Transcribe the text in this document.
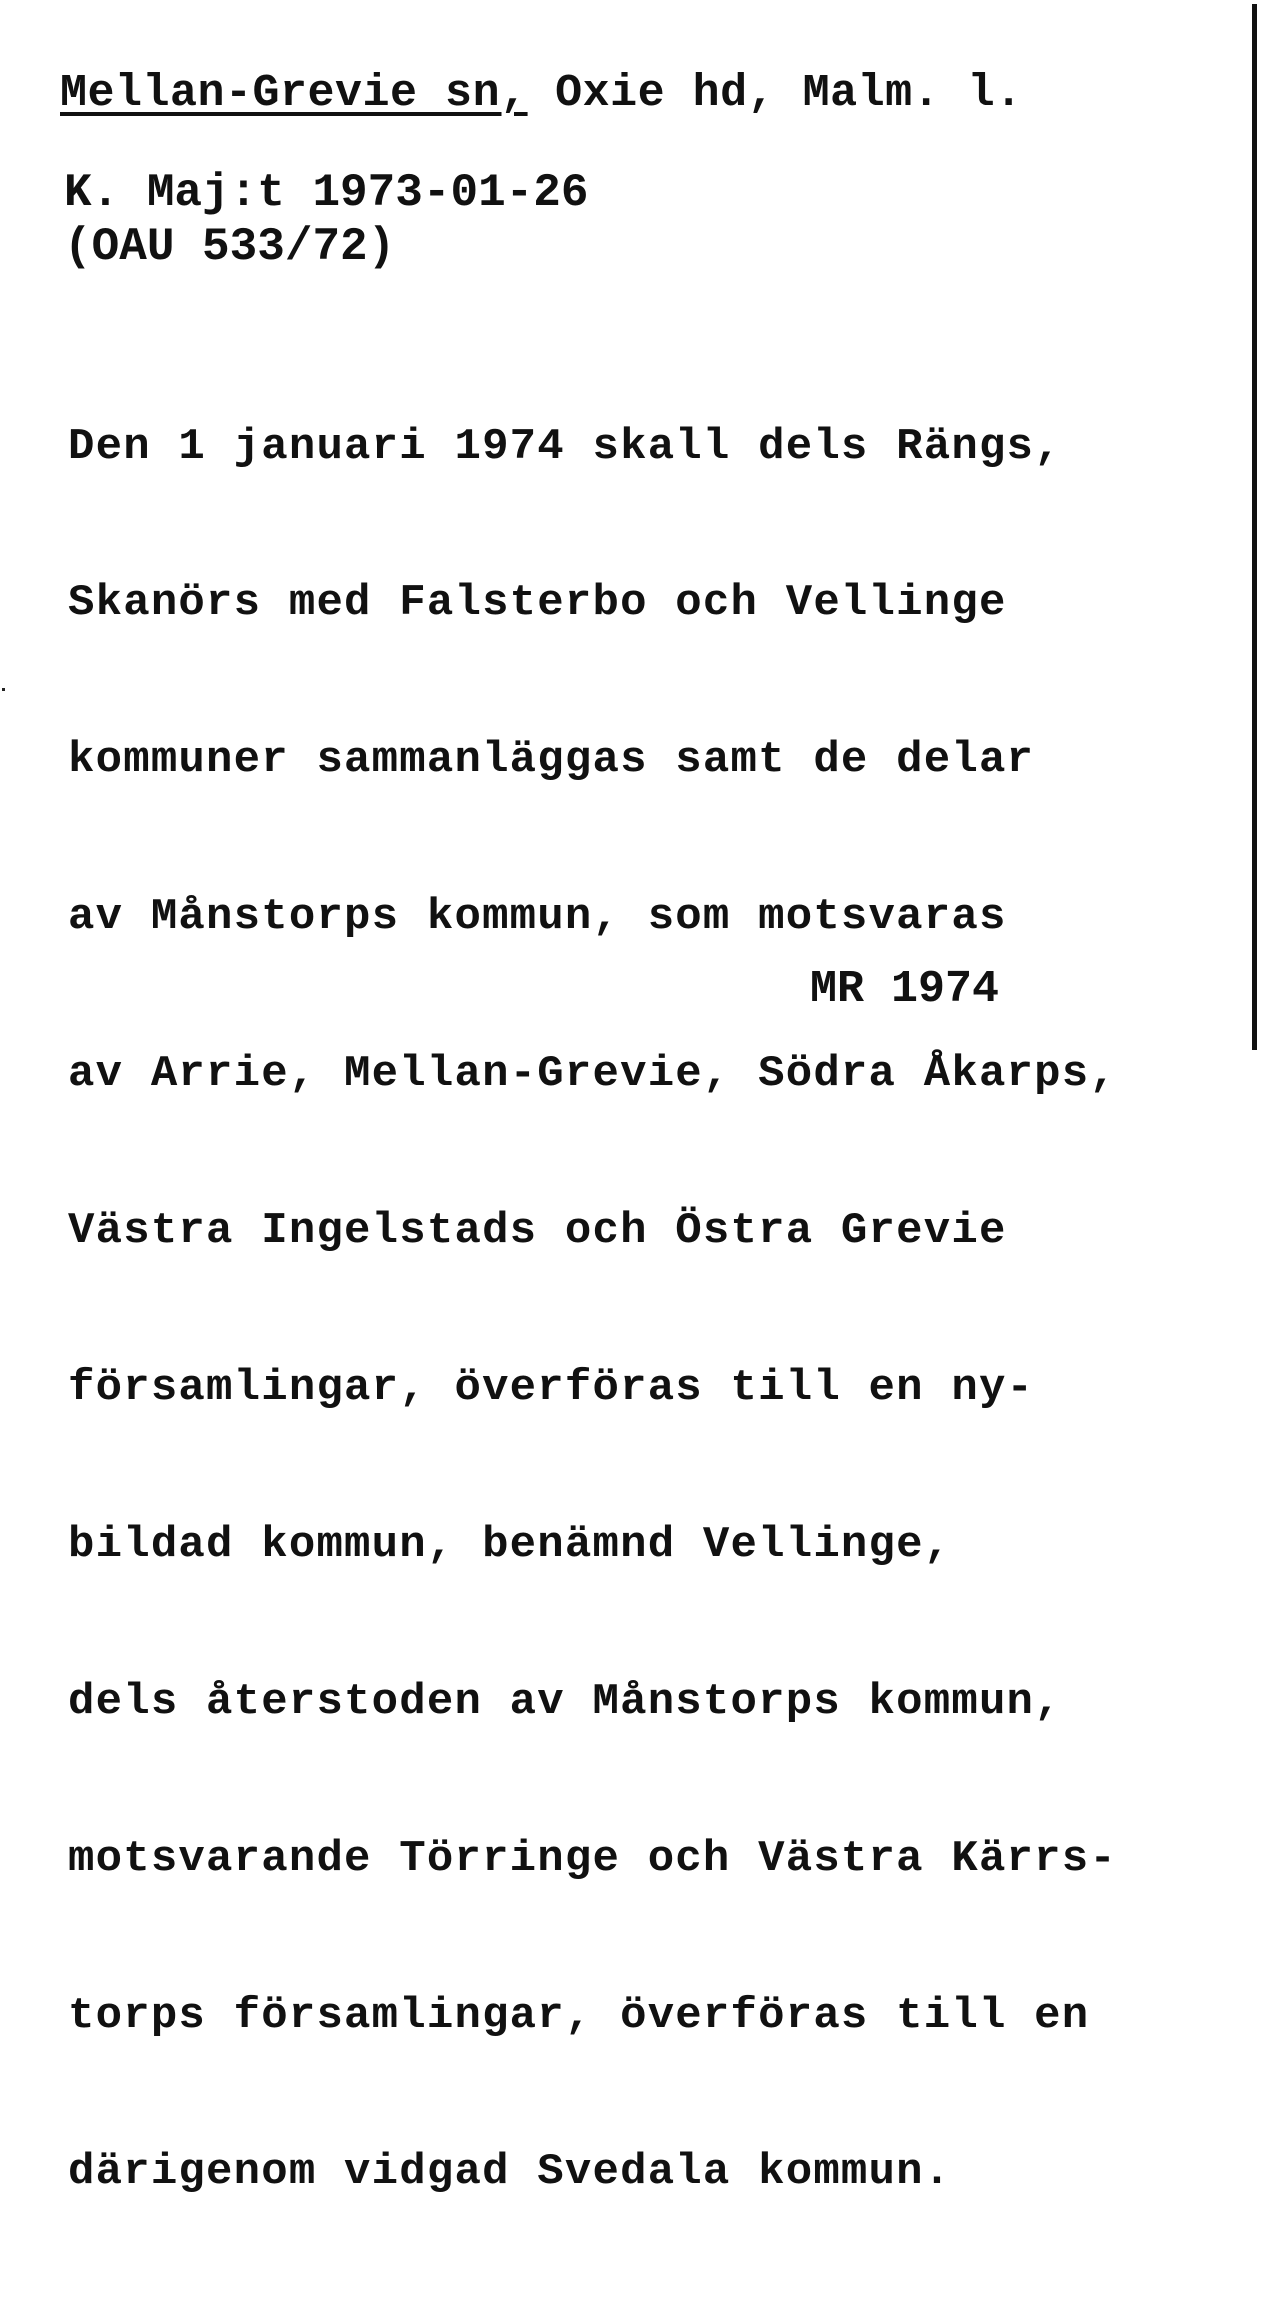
Mellan-Grevie sn, Oxie hd, Malm. l.
K. Maj:t 1973-01-26
(OAU 533/72)

Den 1 januari 1974 skall dels Rängs,

Skanörs med Falsterbo och Vellinge

kommuner sammanläggas samt de delar

av Månstorps kommun, som motsvaras

av Arrie, Mellan-Grevie, Södra Åkarps,

Västra Ingelstads och Östra Grevie

församlingar, överföras till en ny-

bildad kommun, benämnd Vellinge,

dels återstoden av Månstorps kommun,

motsvarande Törringe och Västra Kärrs-

torps församlingar, överföras till en

därigenom vidgad Svedala kommun.

MR 1974
